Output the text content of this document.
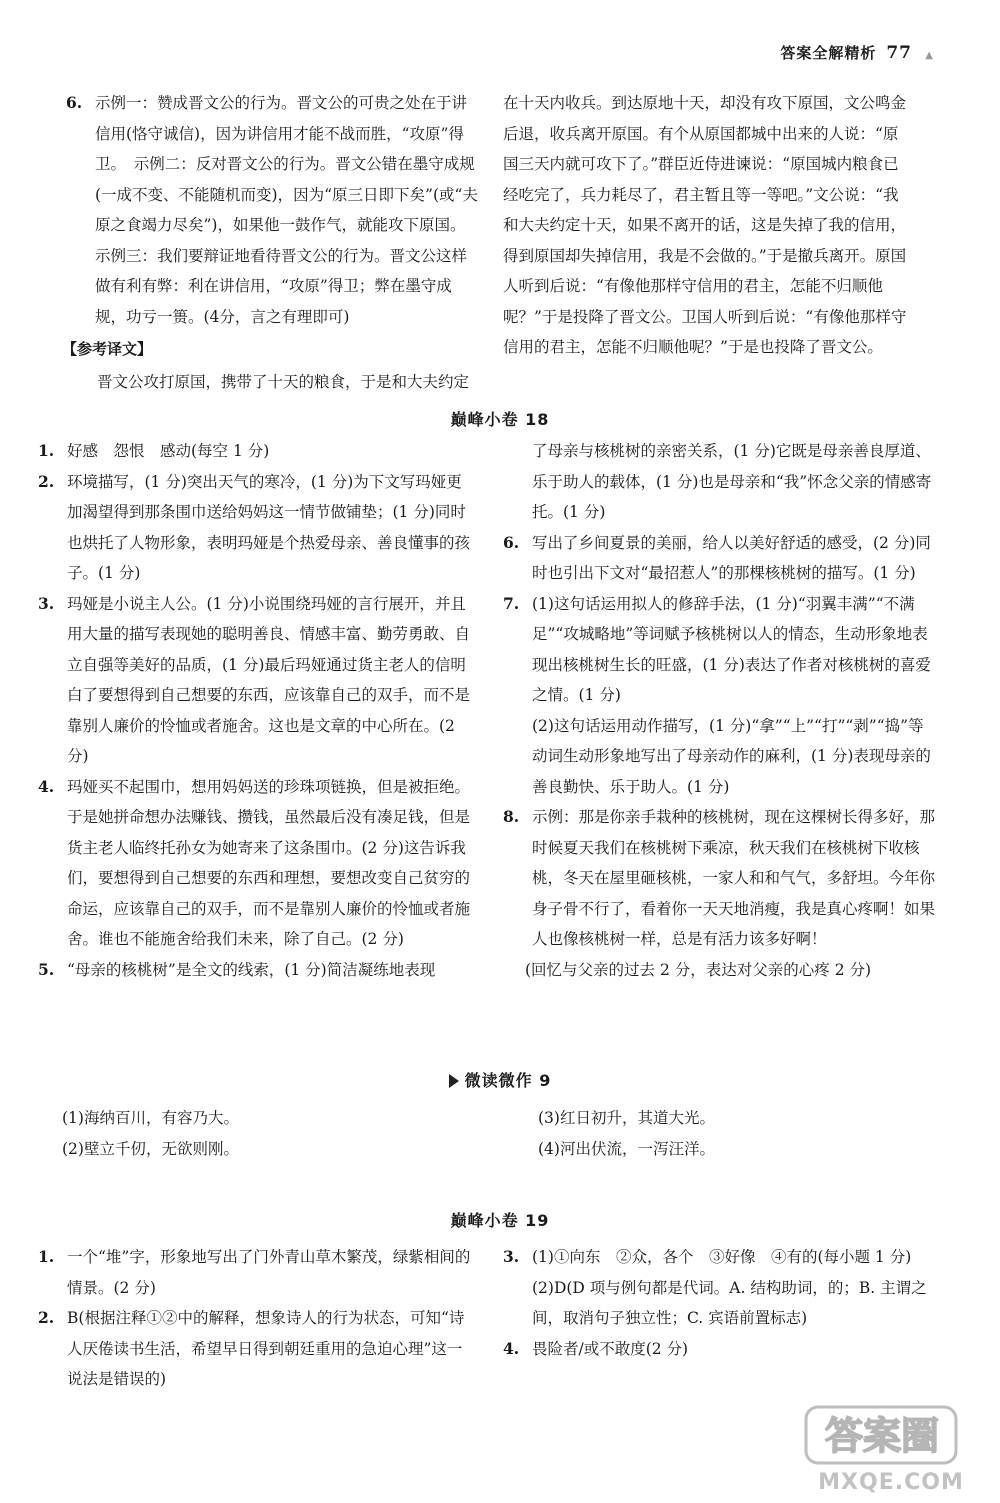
答案全解精析 77 ▲
6. 示例一：赞成晋文公的行为。晋文公的可贵之处在于讲信用(恪守诚信)，因为讲信用才能不战而胜，“攻原”得卫。　示例二：反对晋文公的行为。晋文公错在墨守成规(一成不变、不能随机而变)，因为“原三日即下矣”(或“夫原之食竭力尽矣”)，如果他一鼓作气，就能攻下原国。　示例三：我们要辩证地看待晋文公的行为。晋文公这样做有利有弊：利在讲信用，“攻原”得卫；弊在墨守成规，功亏一篑。(4分，言之有理即可)
【参考译文】
晋文公攻打原国，携带了十天的粮食，于是和大夫约定
在十天内收兵。到达原地十天，却没有攻下原国，文公鸣金后退，收兵离开原国。有个从原国都城中出来的人说：“原国三天内就可攻下了。”群臣近侍进谏说：“原国城内粮食已经吃完了，兵力耗尽了，君主暂且等一等吧。”文公说：“我和大夫约定十天，如果不离开的话，这是失掉了我的信用，得到原国却失掉信用，我是不会做的。”于是撤兵离开。原国人听到后说：“有像他那样守信用的君主，怎能不归顺他呢？”于是投降了晋文公。卫国人听到后说：“有像他那样守信用的君主，怎能不归顺他呢？”于是也投降了晋文公。
巅峰小卷 18
1. 好感　怨恨　感动(每空 1 分)
2. 环境描写，(1 分)突出天气的寒冷，(1 分)为下文写玛娅更加渴望得到那条围巾送给妈妈这一情节做铺垫；(1 分)同时也烘托了人物形象，表明玛娅是个热爱母亲、善良懂事的孩子。(1 分)
3. 玛娅是小说主人公。(1 分)小说围绕玛娅的言行展开，并且用大量的描写表现她的聪明善良、情感丰富、勤劳勇敢、自立自强等美好的品质，(1 分)最后玛娅通过货主老人的信明白了要想得到自己想要的东西，应该靠自己的双手，而不是靠别人廉价的怜恤或者施舍。这也是文章的中心所在。(2 分)
4. 玛娅买不起围巾，想用妈妈送的珍珠项链换，但是被拒绝。于是她拼命想办法赚钱、攒钱，虽然最后没有凑足钱，但是货主老人临终托孙女为她寄来了这条围巾。(2 分)这告诉我们，要想得到自己想要的东西和理想，要想改变自己贫穷的命运，应该靠自己的双手，而不是靠别人廉价的怜恤或者施舍。谁也不能施舍给我们未来，除了自己。(2 分)
5. “母亲的核桃树”是全文的线索，(1 分)简洁凝练地表现
了母亲与核桃树的亲密关系，(1 分)它既是母亲善良厚道、乐于助人的载体，(1 分)也是母亲和“我”怀念父亲的情感寄托。(1 分)
6. 写出了乡间夏景的美丽，给人以美好舒适的感受，(2 分)同时也引出下文对“最招惹人”的那棵核桃树的描写。(1 分)
7. (1)这句话运用拟人的修辞手法，(1 分)“羽翼丰满”“不满足”“攻城略地”等词赋予核桃树以人的情态，生动形象地表现出核桃树生长的旺盛，(1 分)表达了作者对核桃树的喜爱之情。(1 分)
(2)这句话运用动作描写，(1 分)“拿”“上”“打”“剥”“捣”等动词生动形象地写出了母亲动作的麻利，(1 分)表现母亲的善良勤快、乐于助人。(1 分)
8. 示例：那是你亲手栽种的核桃树，现在这棵树长得多好，那时候夏天我们在核桃树下乘凉，秋天我们在核桃树下收核桃，冬天在屋里砸核桃，一家人和和气气，多舒坦。今年你身子骨不行了，看着你一天天地消瘦，我是真心疼啊！如果人也像核桃树一样，总是有活力该多好啊！
(回忆与父亲的过去 2 分，表达对父亲的心疼 2 分)
微读微作 9
(1)海纳百川，有容乃大。
(2)壁立千仞，无欲则刚。
(3)红日初升，其道大光。
(4)河出伏流，一泻汪洋。
巅峰小卷 19
1. 一个“堆”字，形象地写出了门外青山草木繁茂，绿紫相间的情景。(2 分)
2. B(根据注释①②中的解释，想象诗人的行为状态，可知“诗人厌倦读书生活，希望早日得到朝廷重用的急迫心理”这一说法是错误的)
3. (1)①向东　②众，各个　③好像　④有的(每小题 1 分)
(2)D(D 项与例句都是代词。A. 结构助词，的；B. 主谓之间，取消句子独立性；C. 宾语前置标志)
4. 畏险者/或不敢度(2 分)
答案圈
MXQE.COM
